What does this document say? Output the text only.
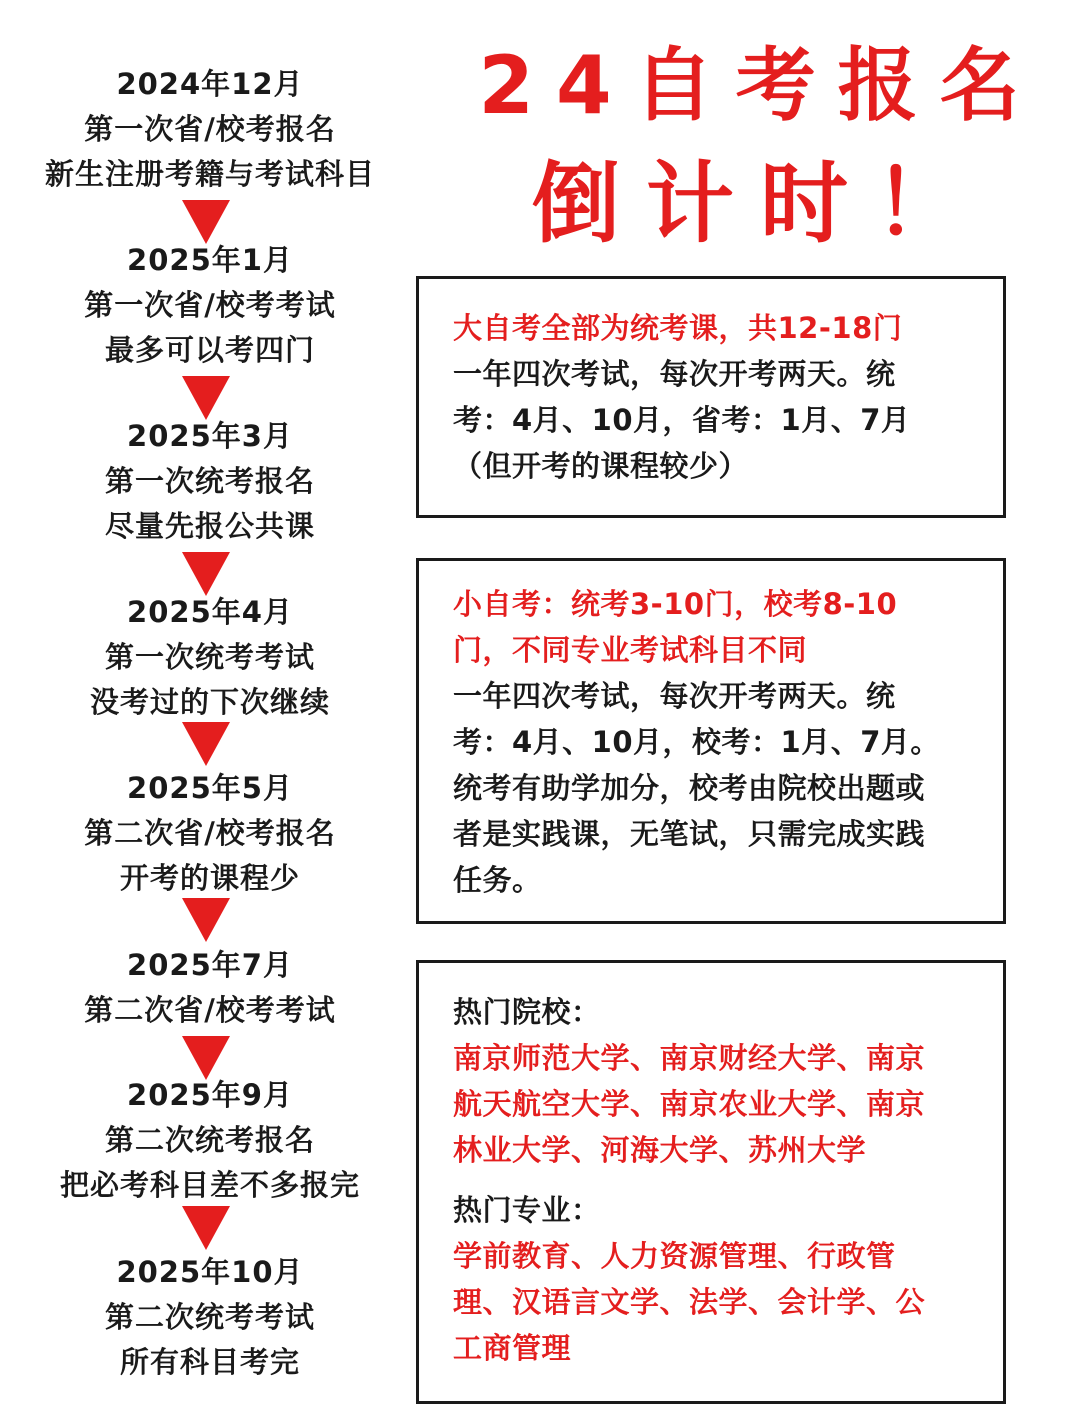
24自考报名
倒计时！
2024年12月
第一次省/校考报名
新生注册考籍与考试科目
2025年1月
第一次省/校考考试
最多可以考四门
2025年3月
第一次统考报名
尽量先报公共课
2025年4月
第一次统考考试
没考过的下次继续
2025年5月
第二次省/校考报名
开考的课程少
2025年7月
第二次省/校考考试
2025年9月
第二次统考报名
把必考科目差不多报完
2025年10月
第二次统考考试
所有科目考完

大自考全部为统考课，共12-18门

一年四次考试，每次开考两天。统

考：4月、10月，省考：1月、7月

（但开考的课程较少）

小自考：统考3-10门，校考8-10

门，不同专业考试科目不同

一年四次考试，每次开考两天。统

考：4月、10月，校考：1月、7月。

统考有助学加分，校考由院校出题或

者是实践课，无笔试，只需完成实践

任务。

热门院校：

南京师范大学、南京财经大学、南京

航天航空大学、南京农业大学、南京

林业大学、河海大学、苏州大学

热门专业：

学前教育、人力资源管理、行政管

理、汉语言文学、法学、会计学、公

工商管理
